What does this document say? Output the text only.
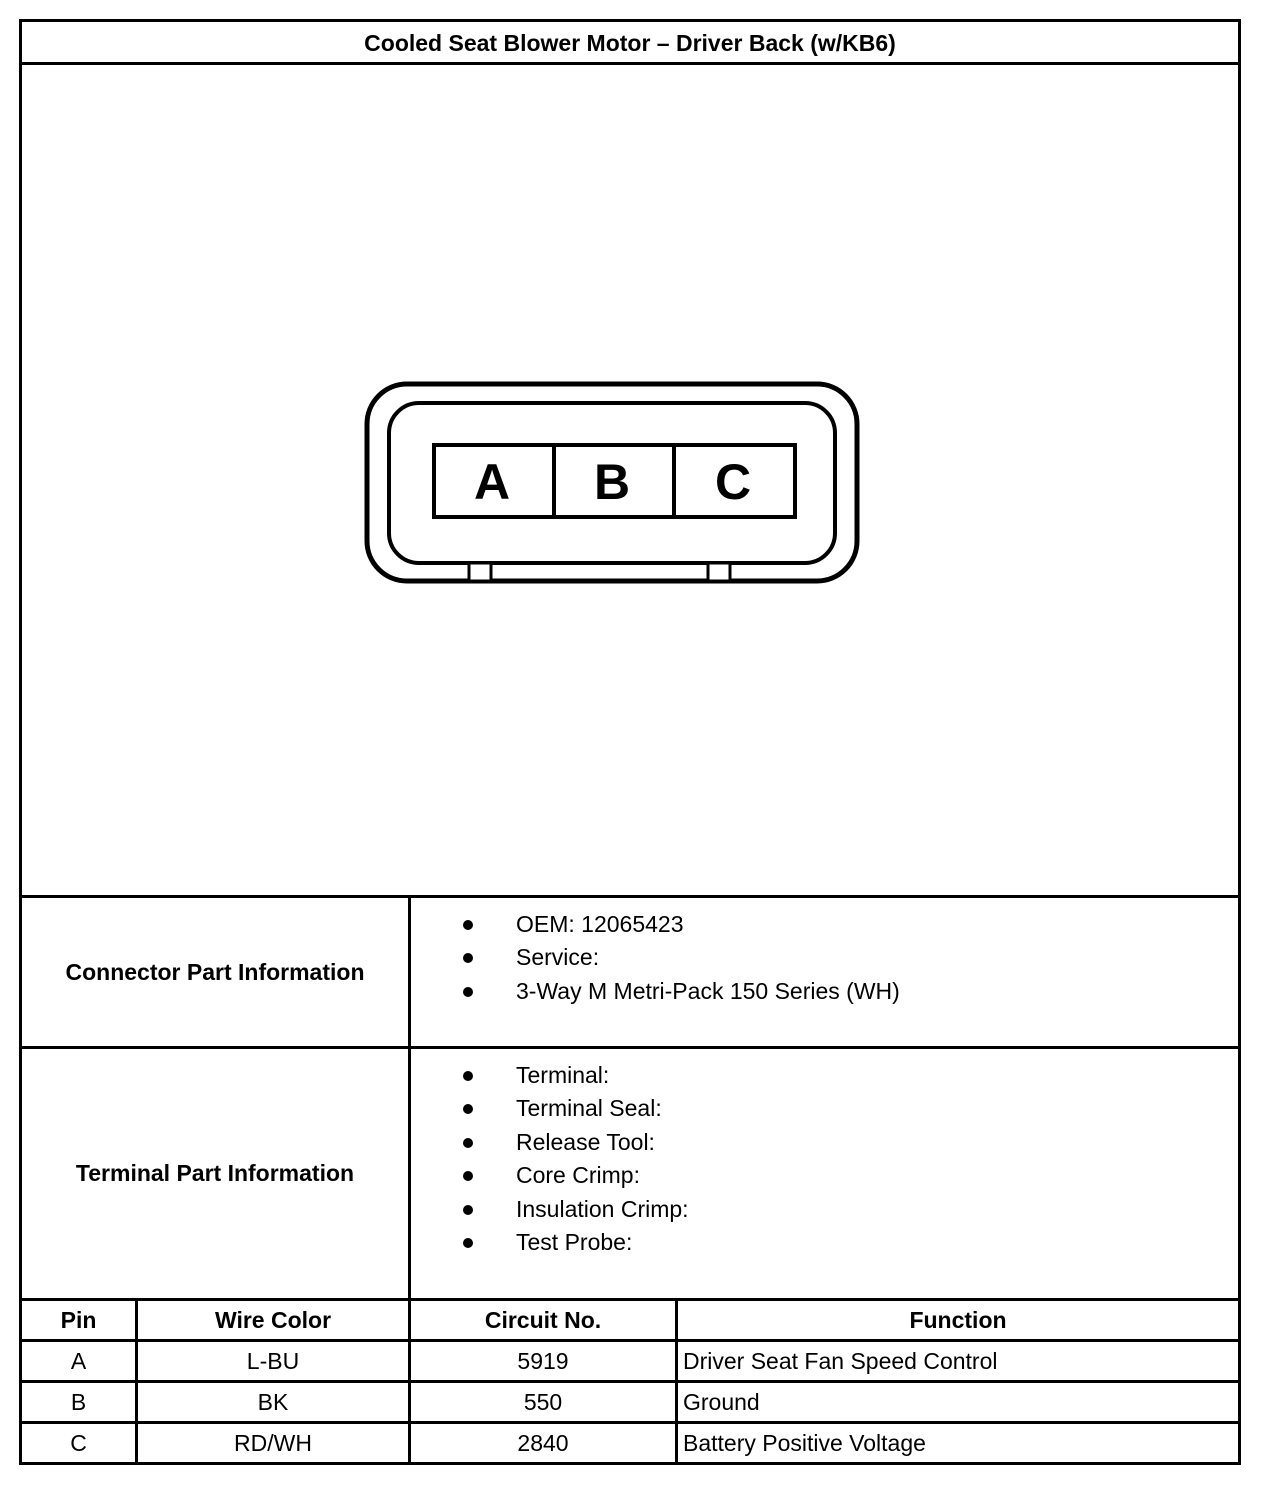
Cooled Seat Blower Motor – Driver Back (w/KB6)
A B C
Connector Part Information
OEM: 12065423
Service:
3-Way M Metri-Pack 150 Series (WH)
Terminal Part Information
Terminal:
Terminal Seal:
Release Tool:
Core Crimp:
Insulation Crimp:
Test Probe:
Pin	Wire Color	Circuit No.	Function
A	L-BU	5919	Driver Seat Fan Speed Control
B	BK	550	Ground
C	RD/WH	2840	Battery Positive Voltage
